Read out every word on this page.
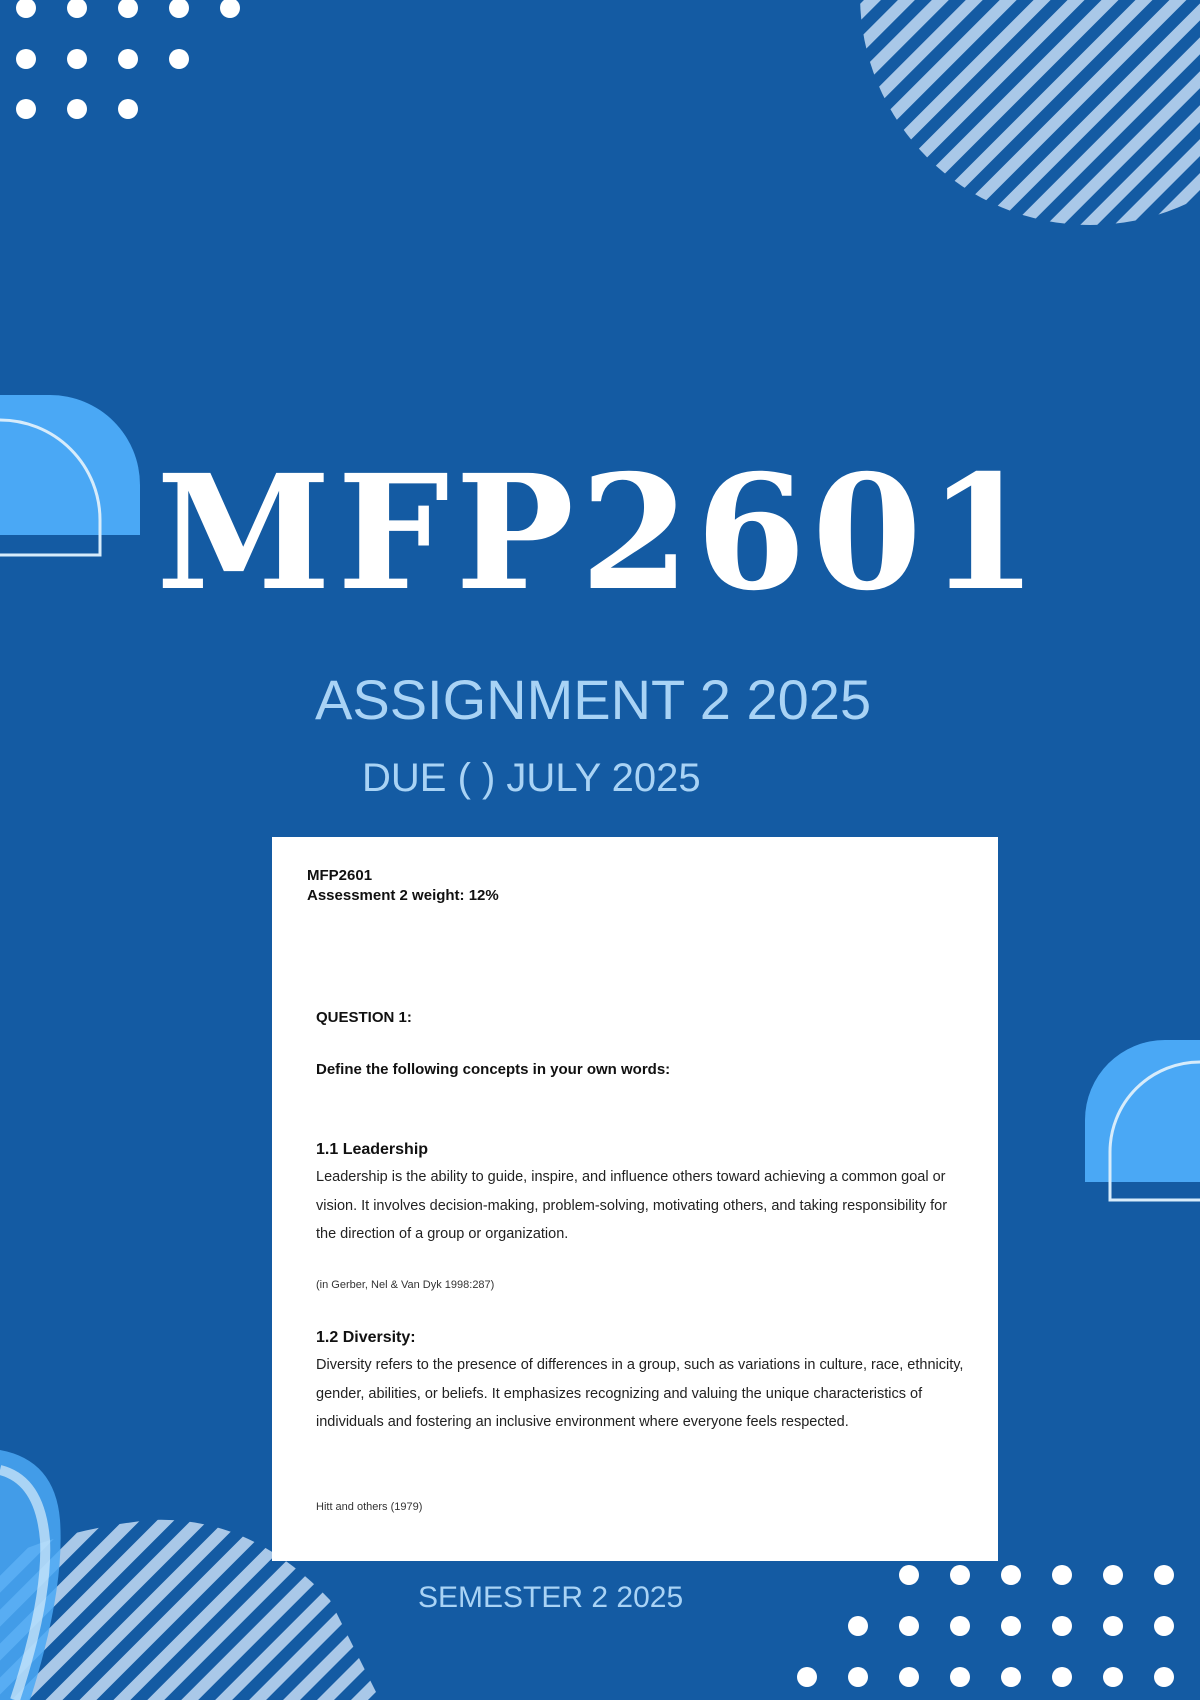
MFP2601
ASSIGNMENT 2 2025
DUE ( ) JULY 2025
MFP2601
Assessment 2 weight: 12%
QUESTION 1:
Define the following concepts in your own words:
1.1 Leadership
Leadership is the ability to guide, inspire, and influence others toward achieving a common goal or vision. It involves decision-making, problem-solving, motivating others, and taking responsibility for the direction of a group or organization.
(in Gerber, Nel & Van Dyk 1998:287)
1.2 Diversity:
Diversity refers to the presence of differences in a group, such as variations in culture, race, ethnicity, gender, abilities, or beliefs. It emphasizes recognizing and valuing the unique characteristics of individuals and fostering an inclusive environment where everyone feels respected.
Hitt and others (1979)
SEMESTER 2 2025
